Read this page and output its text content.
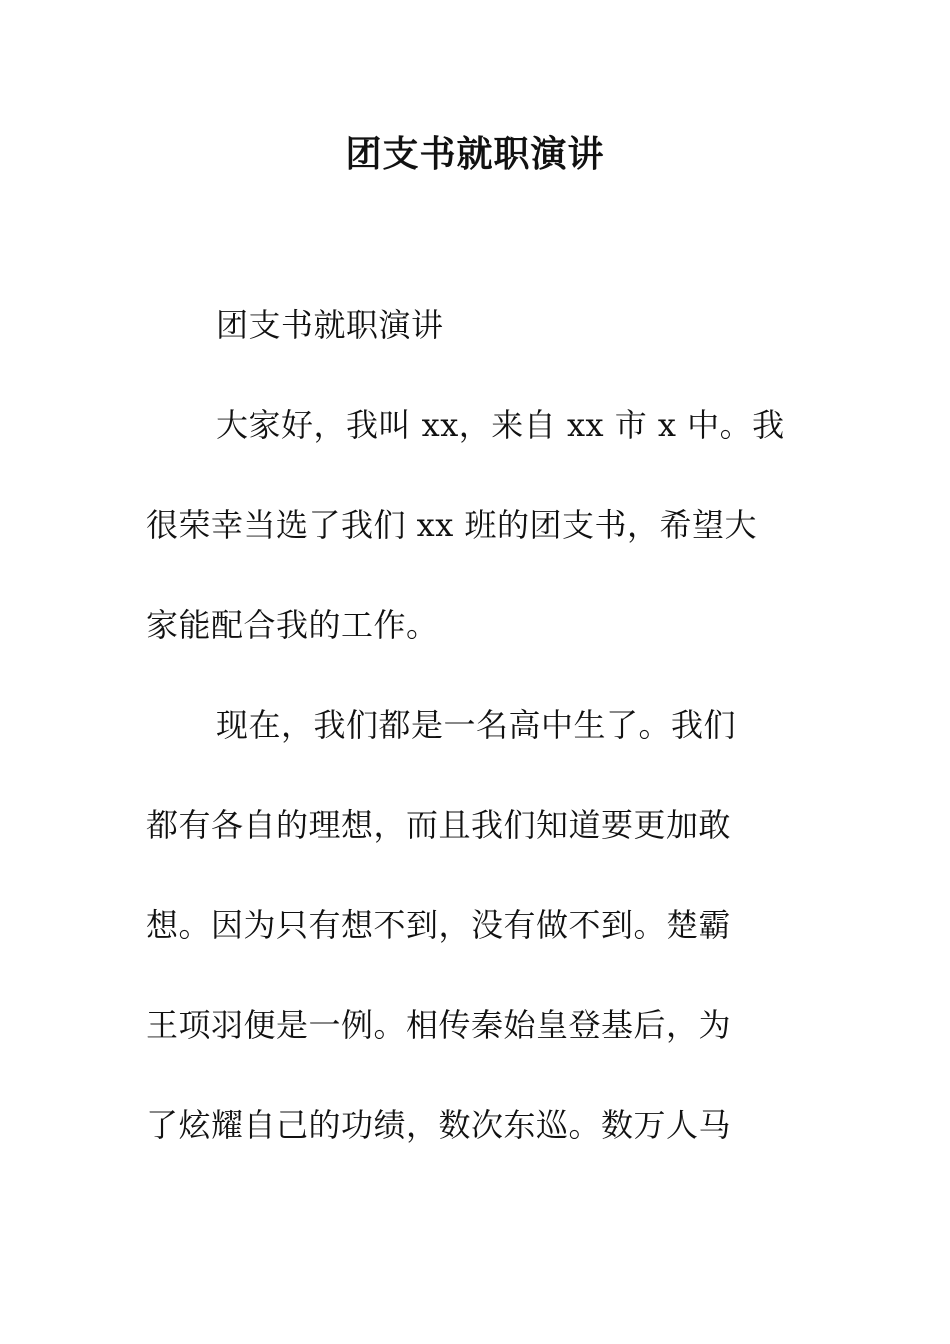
团支书就职演讲
团支书就职演讲
大家好，我叫 xx，来自 xx 市 x 中。我
很荣幸当选了我们 xx 班的团支书，希望大
家能配合我的工作。
现在，我们都是一名高中生了。我们
都有各自的理想，而且我们知道要更加敢
想。因为只有想不到，没有做不到。楚霸
王项羽便是一例。相传秦始皇登基后，为
了炫耀自己的功绩，数次东巡。数万人马
